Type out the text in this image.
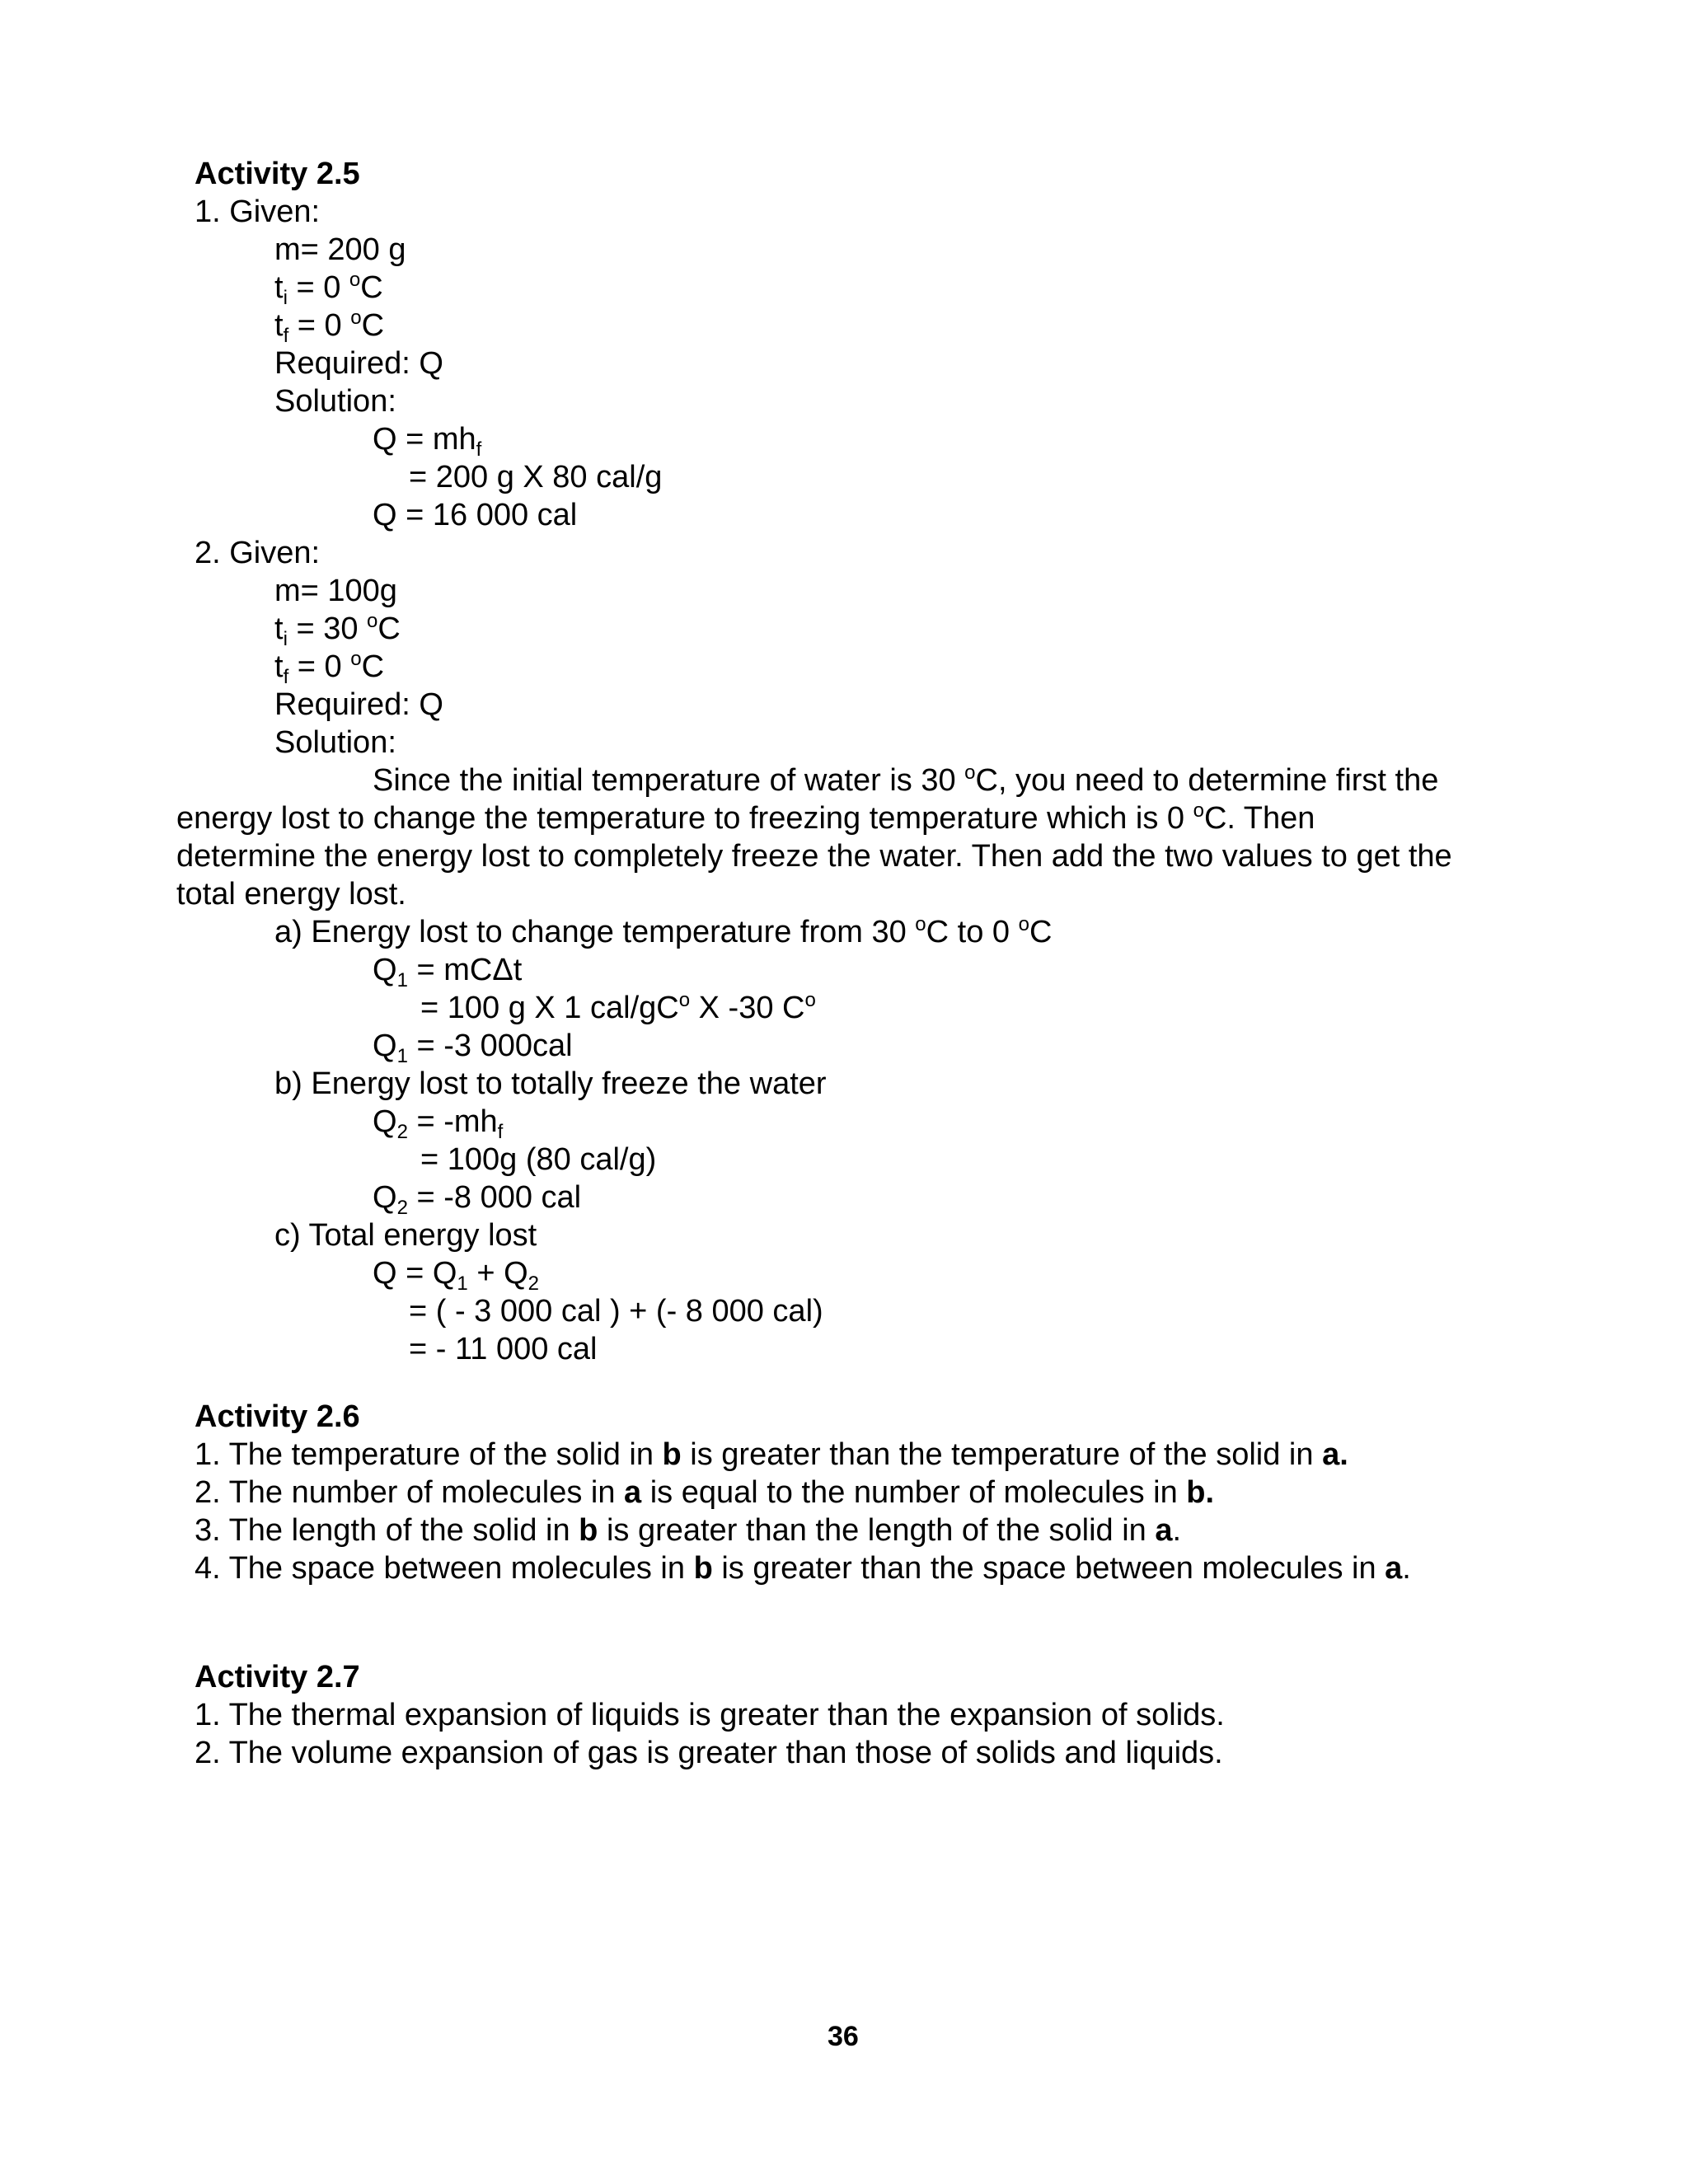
Activity 2.5
1. Given:
m= 200 g
$t_i = 0$ $^o$C
$t_f = 0$ $^o$C
Required: Q
Solution:
$Q = mh_f$
= 200 g X 80 cal/g
Q = 16 000 cal
2. Given:
m= 100g
$t_i = 30$ $^o$C
$t_f = 0$ $^o$C
Required: Q
Solution:
Since the initial temperature of water is 30 $^o$C, you need to determine first the
energy lost to change the temperature to freezing temperature which is 0 $^o$C. Then
determine the energy lost to completely freeze the water. Then add the two values to get the
total energy lost.
a) Energy lost to change temperature from 30 $^o$C to 0 $^o$C
$Q_1 = mC\Delta t$
= 100 g X 1 cal/$gC^o$ X -30 $C^o$
$Q_1 = -3$ 000cal
b) Energy lost to totally freeze the water
$Q_2 = -mh_f$
= 100g (80 cal/g)
$Q_2 = -8$ 000 cal
c) Total energy lost
$Q = Q_1 + Q_2$
= ( - 3 000 cal ) + (- 8 000 cal)
= - 11 000 cal
Activity 2.6
1. The temperature of the solid in b is greater than the temperature of the solid in a.
2. The number of molecules in a is equal to the number of molecules in b.
3. The length of the solid in b is greater than the length of the solid in a.
4. The space between molecules in b is greater than the space between molecules in a.
Activity 2.7
1. The thermal expansion of liquids is greater than the expansion of solids.
2. The volume expansion of gas is greater than those of solids and liquids.
36
